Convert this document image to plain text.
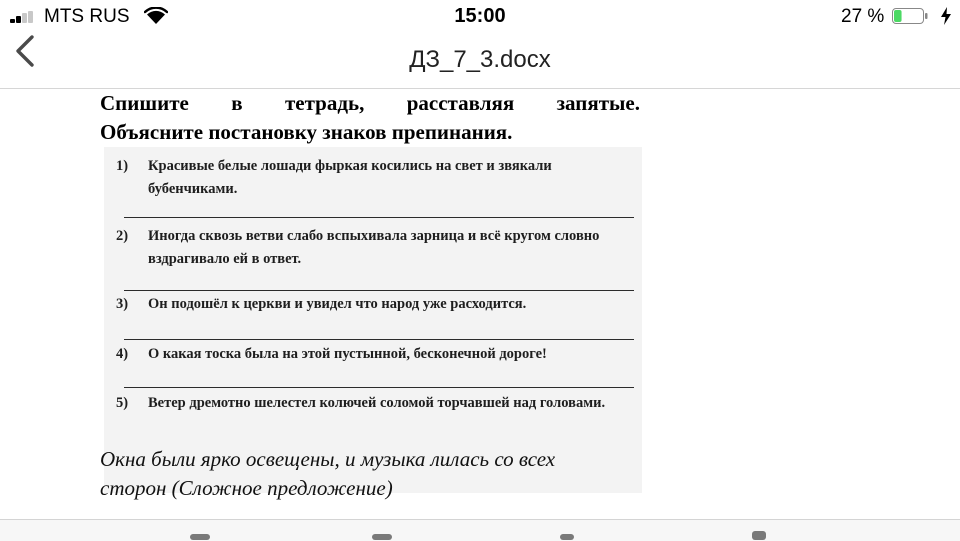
MTS RUS	15:00	27 %
ДЗ_7_3.docx
Спишите в тетрадь, расставляя запятые.
Объясните постановку знаков препинания.
1) Красивые белые лошади фыркая косились на свет и звякали бубенчиками.
2) Иногда сквозь ветви слабо вспыхивала зарница и всё кругом словно вздрагивало ей в ответ.
3) Он подошёл к церкви и увидел что народ уже расходится.
4) О какая тоска была на этой пустынной, бесконечной дороге!
5) Ветер дремотно шелестел колючей соломой торчавшей над головами.
Окна были ярко освещены, и музыка лилась со всех
сторон (Сложное предложение)
